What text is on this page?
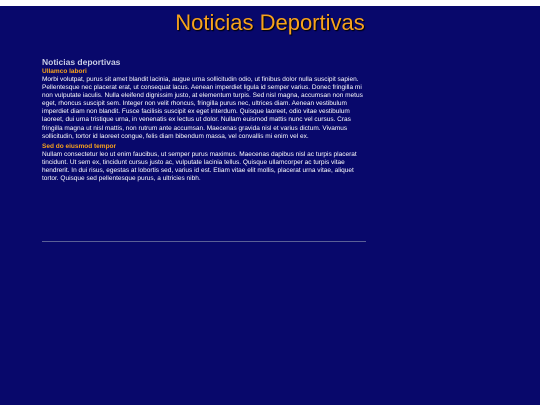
Noticias Deportivas
Noticias deportivas
Ullamco labori

Morbi volutpat, purus sit amet blandit lacinia, augue urna sollicitudin odio, ut finibus dolor nulla suscipit sapien. Pellentesque nec placerat erat, ut consequat lacus. Aenean imperdiet ligula id semper varius. Donec fringilla mi non vulputate iaculis. Nulla eleifend dignissim justo, at elementum turpis. Sed nisl magna, accumsan non metus eget, rhoncus suscipit sem. Integer non velit rhoncus, fringilla purus nec, ultrices diam. Aenean vestibulum imperdiet diam non blandit. Fusce facilisis suscipit ex eget interdum. Quisque laoreet, odio vitae vestibulum laoreet, dui urna tristique urna, in venenatis ex lectus ut dolor. Nullam euismod mattis nunc vel cursus. Cras fringilla magna ut nisl mattis, non rutrum ante accumsan. Maecenas gravida nisl et varius dictum. Vivamus sollicitudin, tortor id laoreet congue, felis diam bibendum massa, vel convallis mi enim vel ex.

Sed do eiusmod tempor

Nullam consectetur leo ut enim faucibus, ut semper purus maximus. Maecenas dapibus nisl ac turpis placerat tincidunt. Ut sem ex, tincidunt cursus justo ac, vulputate lacinia tellus. Quisque ullamcorper ac turpis vitae hendrerit. In dui risus, egestas at lobortis sed, varius id est. Etiam vitae elit mollis, placerat urna vitae, aliquet tortor. Quisque sed pellentesque purus, a ultricies nibh.
